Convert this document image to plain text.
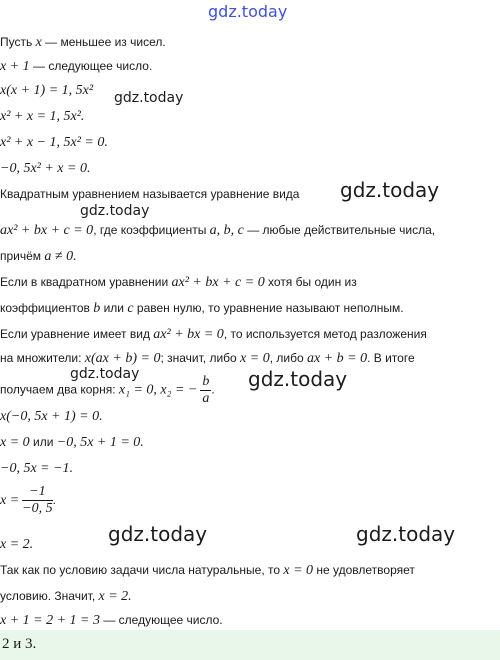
gdz.today
Пусть x — меньшее из чисел.
x + 1 — следующее число.
x(x + 1) = 1, 5x² gdz.today
x² + x = 1, 5x².
x² + x − 1, 5x² = 0.
−0, 5x² + x = 0.
Квадратным уравнением называется уравнение вида gdz.today
gdz.today
ax² + bx + c = 0, где коэффициенты a, b, c — любые действительные числа,
причём a ≠ 0.
Если в квадратном уравнении ax² + bx + c = 0 хотя бы один из
коэффициентов b или c равен нулю, то уравнение называют неполным.
Если уравнение имеет вид ax² + bx = 0, то используется метод разложения
на множители: x(ax + b) = 0; значит, либо x = 0, либо ax + b = 0. В итоге
gdz.today
получаем два корня: x₁ = 0, x₂ = − $\frac{b}{a}$ . gdz.today
x(−0, 5x + 1) = 0.
x = 0 или −0, 5x + 1 = 0.
−0, 5x = −1.
$x = \frac{-1}{-0, 5}$ .
gdz.today	gdz.today
x = 2.
Так как по условию задачи числа натуральные, то x = 0 не удовлетворяет
условию. Значит, x = 2.
x + 1 = 2 + 1 = 3 — следующее число.
2 и 3.
